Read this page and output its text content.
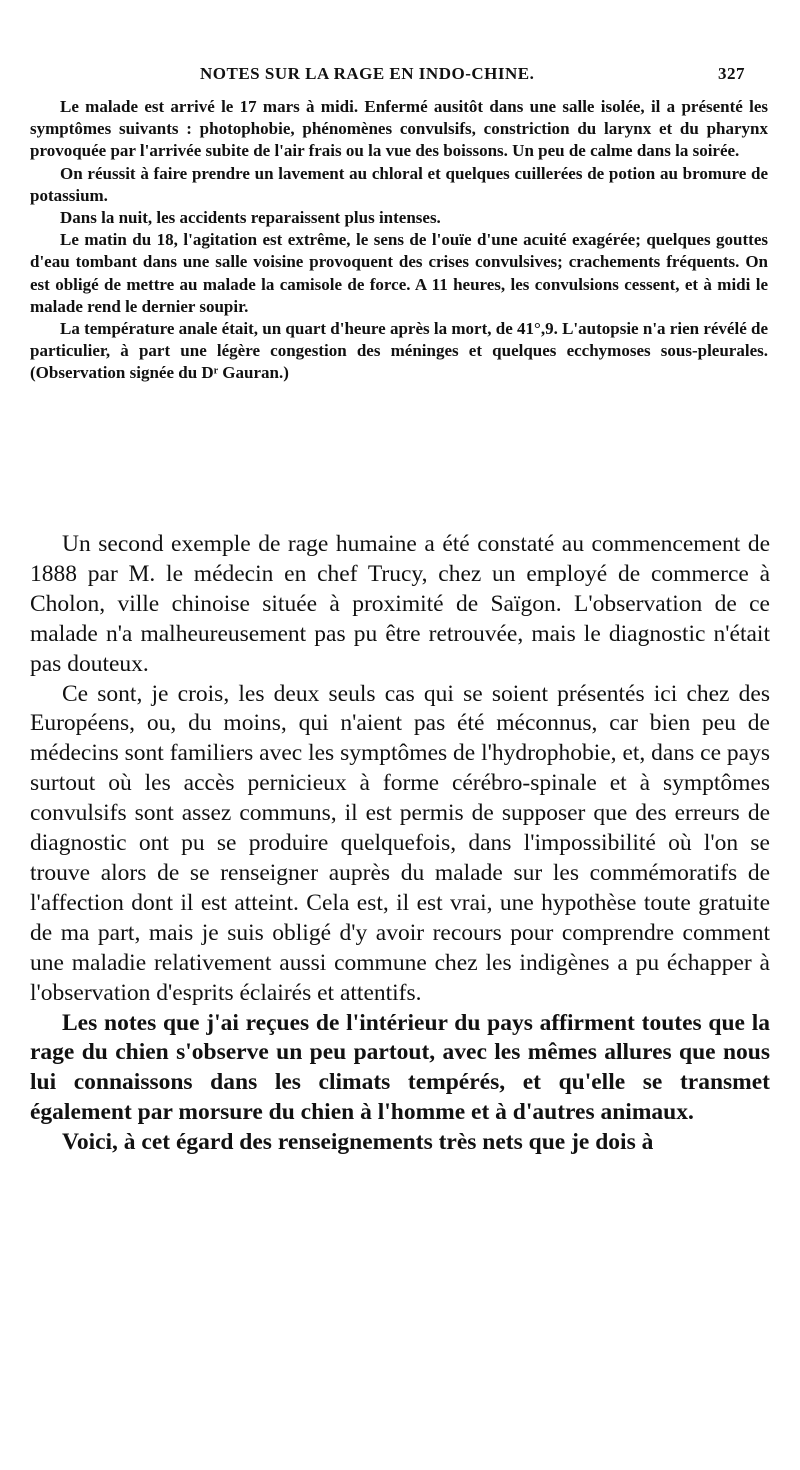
NOTES SUR LA RAGE EN INDO-CHINE.	327

Le malade est arrivé le 17 mars à midi. Enfermé ausitôt dans une salle isolée, il a présenté les symptômes suivants : photophobie, phénomènes convulsifs, constriction du larynx et du pharynx provoquée par l'arrivée subite de l'air frais ou la vue des boissons. Un peu de calme dans la soirée.

On réussit à faire prendre un lavement au chloral et quelques cuillerées de potion au bromure de potassium.

Dans la nuit, les accidents reparaissent plus intenses.

Le matin du 18, l'agitation est extrême, le sens de l'ouïe d'une acuité exagérée; quelques gouttes d'eau tombant dans une salle voisine provoquent des crises convulsives; crachements fréquents. On est obligé de mettre au malade la camisole de force. A 11 heures, les convulsions cessent, et à midi le malade rend le dernier soupir.

La température anale était, un quart d'heure après la mort, de 41°,9. L'autopsie n'a rien révélé de particulier, à part une légère congestion des méninges et quelques ecchymoses sous-pleurales. (Observation signée du Dʳ Gauran.)

Un second exemple de rage humaine a été constaté au commencement de 1888 par M. le médecin en chef Trucy, chez un employé de commerce à Cholon, ville chinoise située à proximité de Saïgon. L'observation de ce malade n'a malheureusement pas pu être retrouvée, mais le diagnostic n'était pas douteux.

Ce sont, je crois, les deux seuls cas qui se soient présentés ici chez des Européens, ou, du moins, qui n'aient pas été méconnus, car bien peu de médecins sont familiers avec les symptômes de l'hydrophobie, et, dans ce pays surtout où les accès pernicieux à forme cérébro-spinale et à symptômes convulsifs sont assez communs, il est permis de supposer que des erreurs de diagnostic ont pu se produire quelquefois, dans l'impossibilité où l'on se trouve alors de se renseigner auprès du malade sur les commémoratifs de l'affection dont il est atteint. Cela est, il est vrai, une hypothèse toute gratuite de ma part, mais je suis obligé d'y avoir recours pour comprendre comment une maladie relativement aussi commune chez les indigènes a pu échapper à l'observation d'esprits éclairés et attentifs.

Les notes que j'ai reçues de l'intérieur du pays affirment toutes que la rage du chien s'observe un peu partout, avec les mêmes allures que nous lui connaissons dans les climats tempérés, et qu'elle se transmet également par morsure du chien à l'homme et à d'autres animaux.

Voici, à cet égard des renseignements très nets que je dois à
